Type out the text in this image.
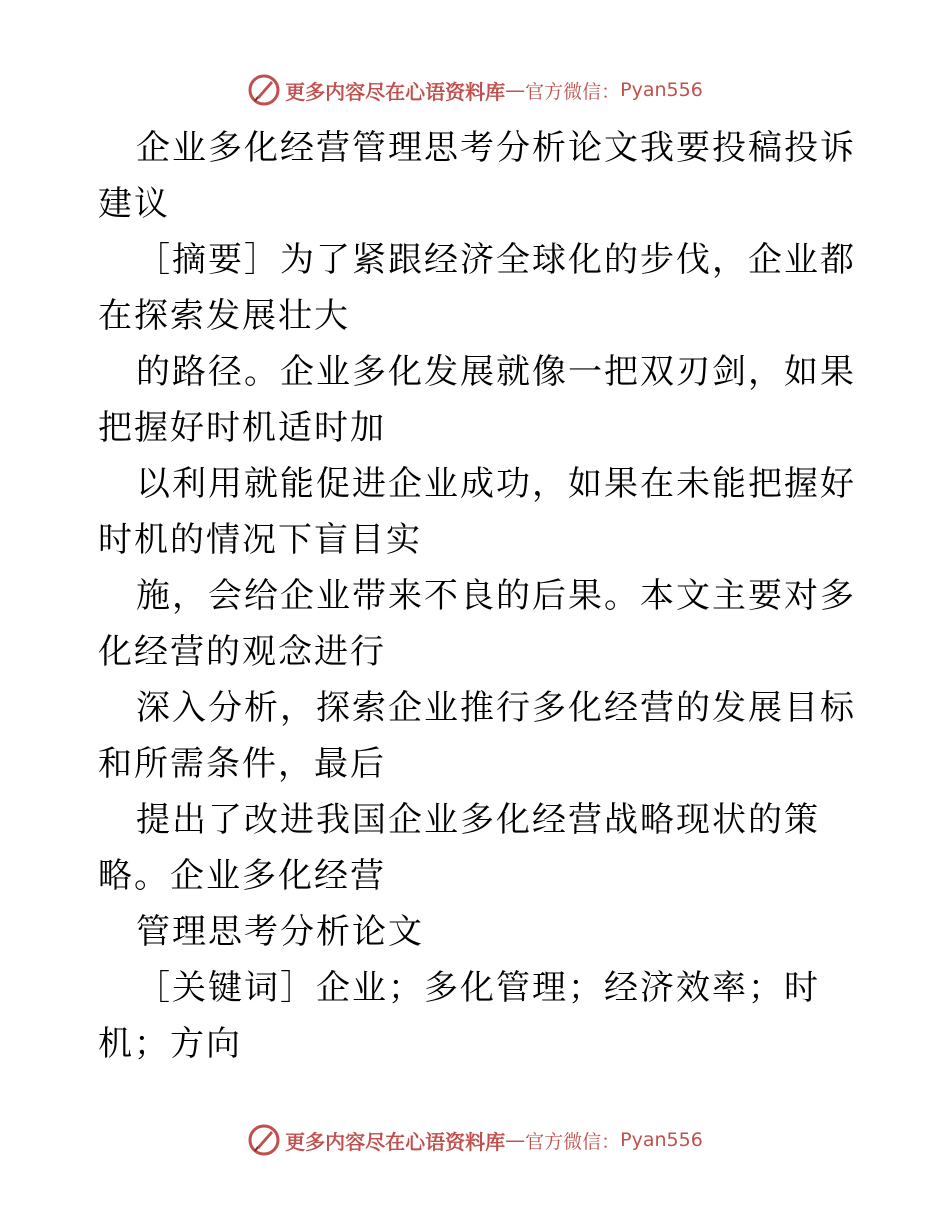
更多内容尽在心语资料库 — 官方微信： Pyan556

企业多化经营管理思考分析论文我要投稿投诉建议

［摘要］为了紧跟经济全球化的步伐，企业都在探索发展壮大

的路径。企业多化发展就像一把双刃剑，如果把握好时机适时加

以利用就能促进企业成功，如果在未能把握好时机的情况下盲目实

施，会给企业带来不良的后果。本文主要对多化经营的观念进行

深入分析，探索企业推行多化经营的发展目标和所需条件，最后

提出了改进我国企业多化经营战略现状的策略。企业多化经营

管理思考分析论文

［关键词］企业；多化管理；经济效率；时机；方向

更多内容尽在心语资料库 — 官方微信： Pyan556
